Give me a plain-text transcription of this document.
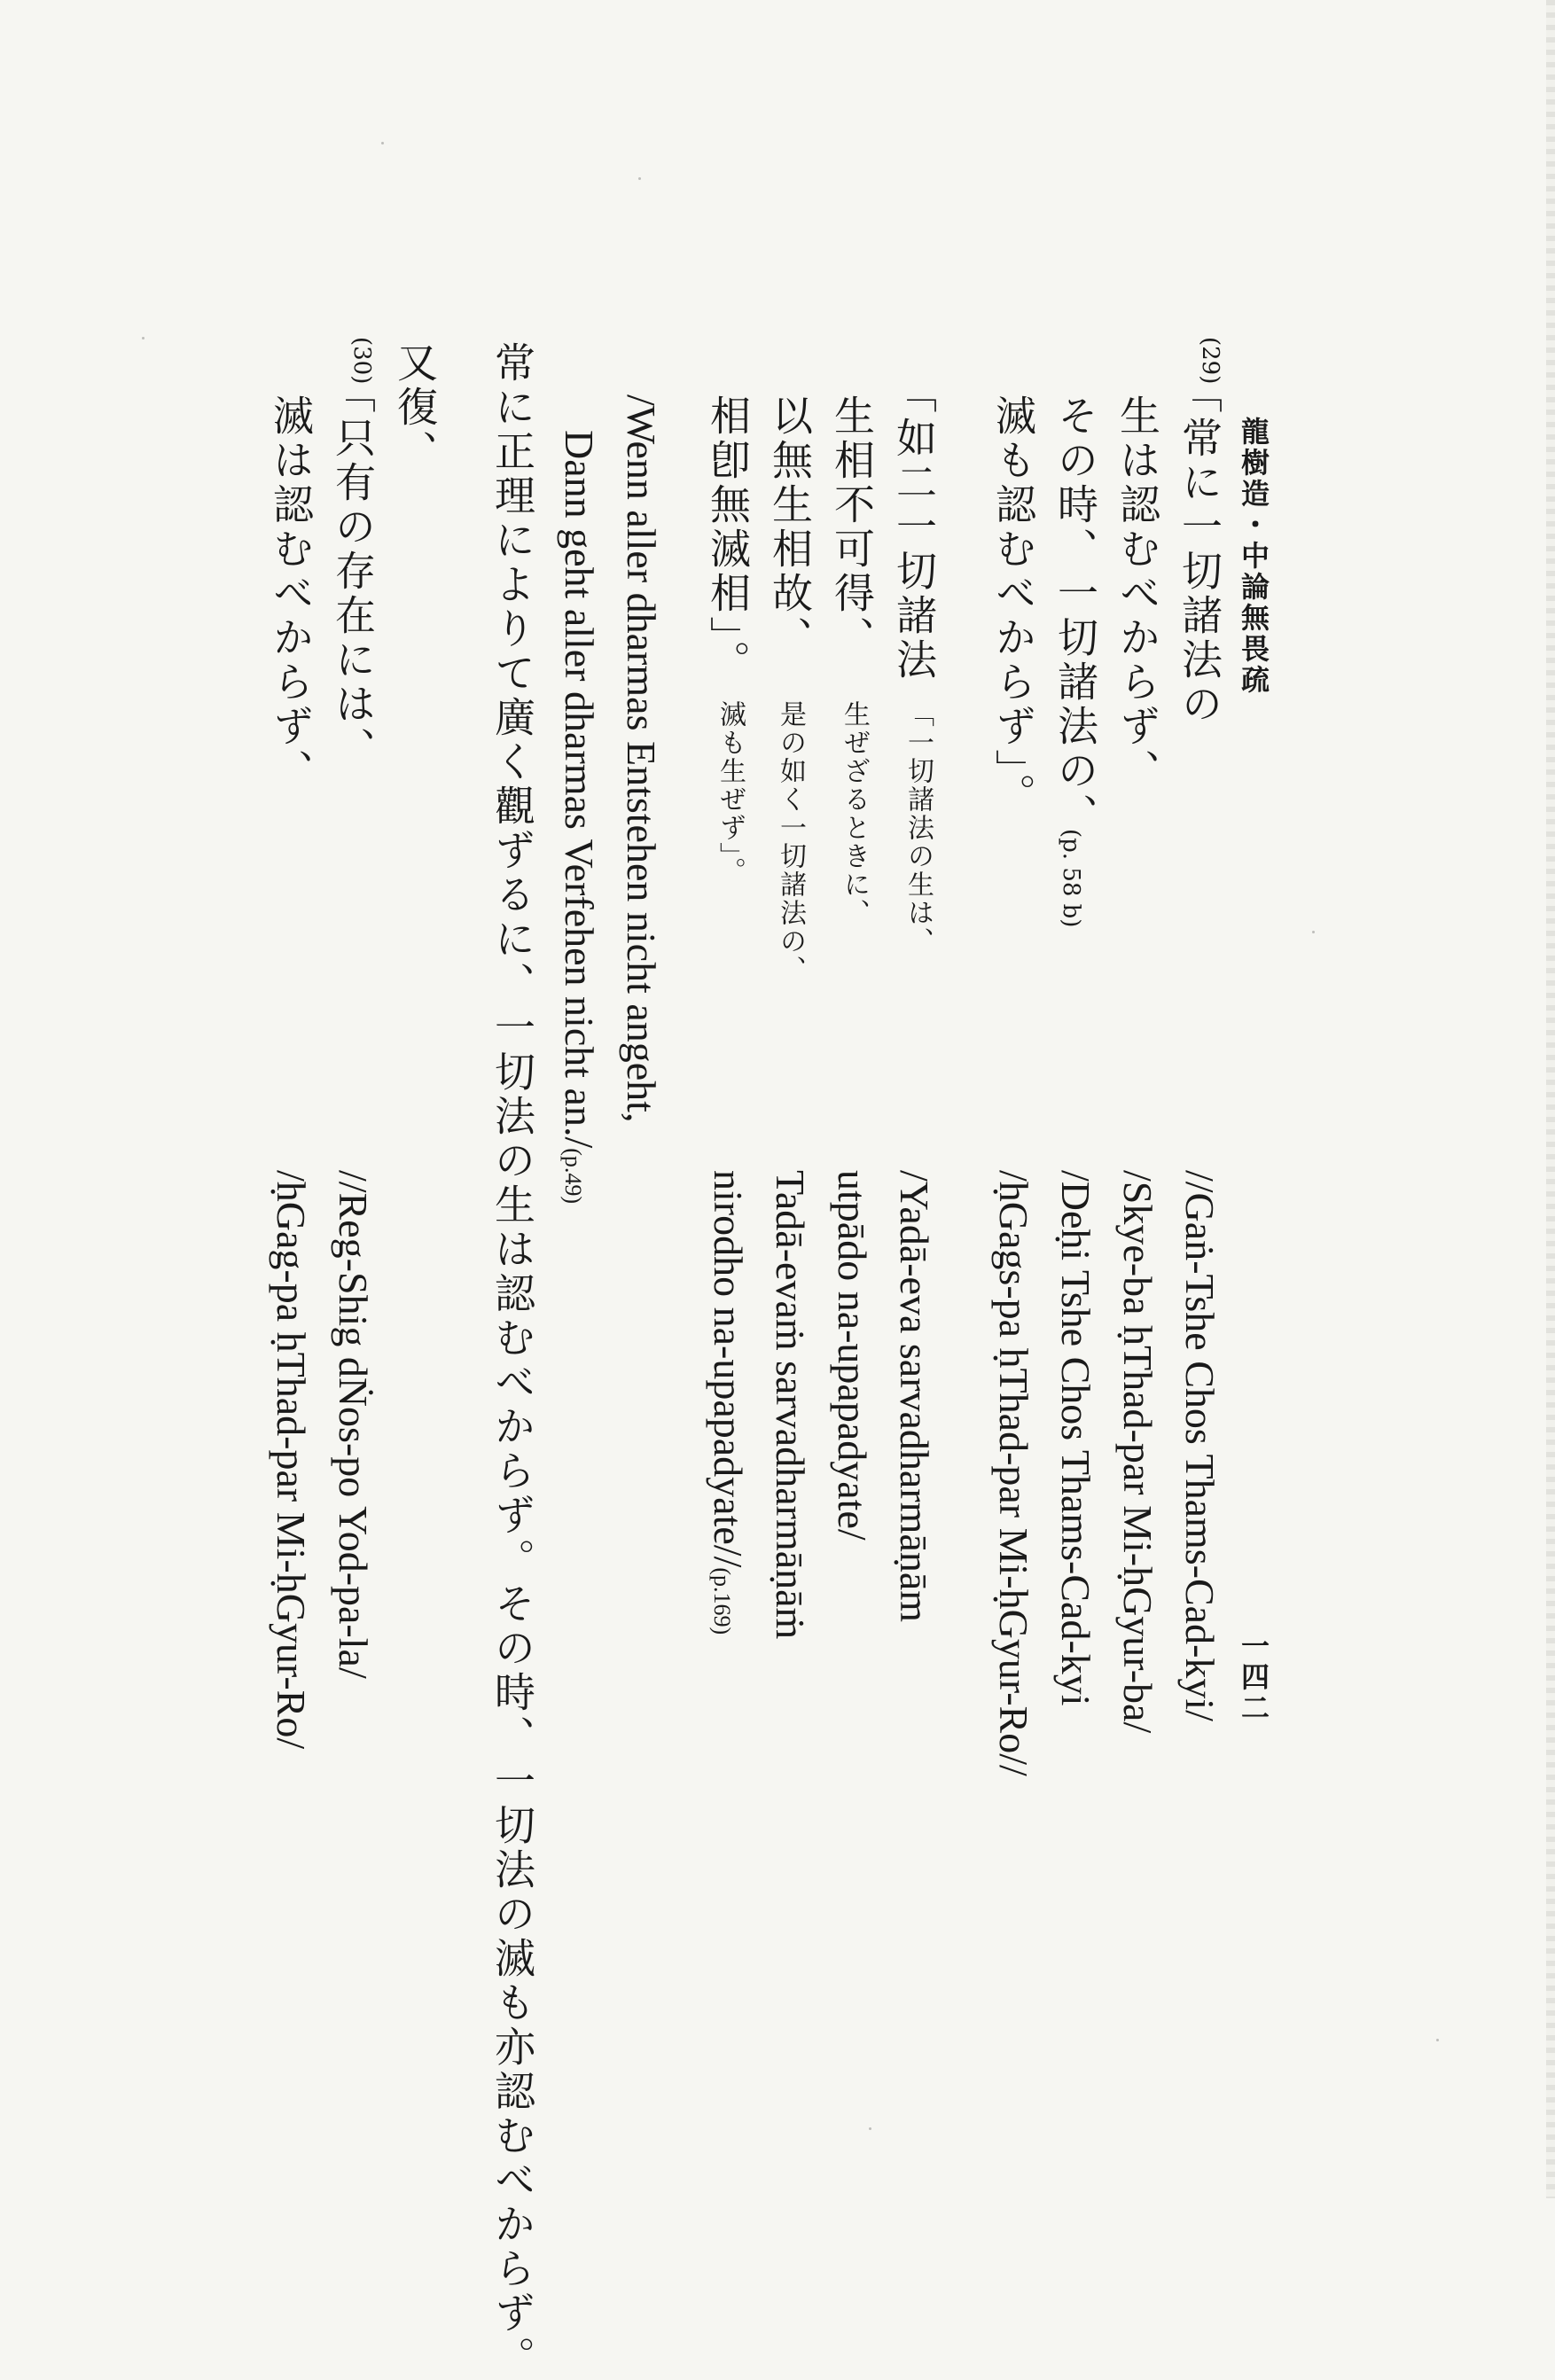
龍樹造・中論無畏疏
一四二
(29)
「常に一切諸法の
生は認むべからず、
その時、一切諸法の、
(p. 58 b)
滅も認むべからず」。
//Gaṅ-Tshe Chos Thams-Cad-kyi/
/Skye-ba ḥThad-par Mi-ḥGyur-ba/
/Deḥi Tshe Chos Thams-Cad-kyi
/ḥGags-pa ḥThad-par Mi-ḥGyur-Ro//
「如二一切諸法
「一切諸法の生は、
生相不可得、
生ぜざるときに、
以無生相故、
是の如く一切諸法の、
相卽無滅相」。
滅も生ぜず」。
/Yadā-eva sarvadharmāṇām
utpādo na-upapadyate/
Tadā-evaṁ sarvadharmāṇāṁ
nirodho na-upapadyate//(p.169)
/Wenn aller dharmas Entstehen nicht angeht,
Dann geht aller dharmas Verfehen nicht an./(p.49)
常に正理によりて廣く觀ずるに、一切法の生は認むべからず。その時、一切法の滅も亦認むべからず。
又復、
(30)
「只有の存在には、
滅は認むべからず、
//Reg-Shig dṄos-po Yod-pa-la/
/ḥGag-pa ḥThad-par Mi-ḥGyur-Ro/
